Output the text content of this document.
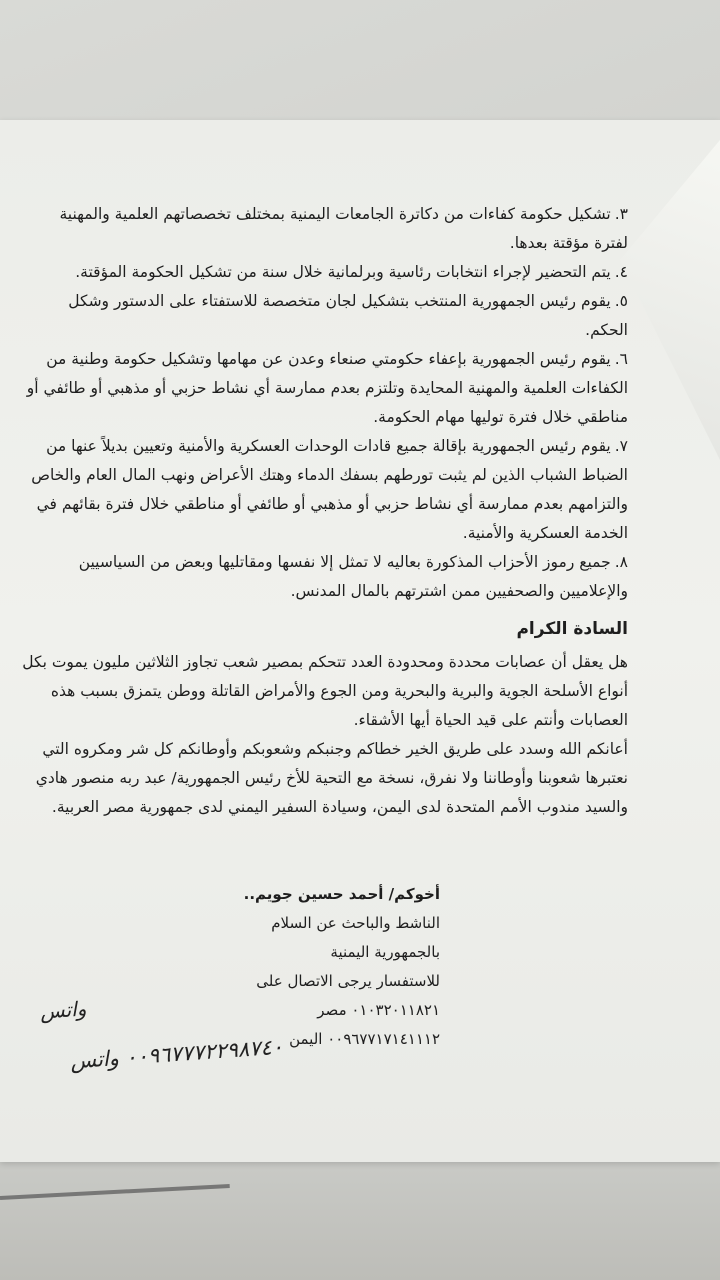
٣.تشكيل حكومة كفاءات من دكاترة الجامعات اليمنية بمختلف تخصصاتهم العلمية والمهنية لفترة مؤقتة بعدها.

٤.يتم التحضير لإجراء انتخابات رئاسية وبرلمانية خلال سنة من تشكيل الحكومة المؤقتة.

٥.يقوم رئيس الجمهورية المنتخب بتشكيل لجان متخصصة للاستفتاء على الدستور وشكل الحكم.

٦.يقوم رئيس الجمهورية بإعفاء حكومتي صنعاء وعدن عن مهامها وتشكيل حكومة وطنية من الكفاءات العلمية والمهنية المحايدة وتلتزم بعدم ممارسة أي نشاط حزبي أو مذهبي أو طائفي أو مناطقي خلال فترة توليها مهام الحكومة.

٧.يقوم رئيس الجمهورية بإقالة جميع قادات الوحدات العسكرية والأمنية وتعيين بديلاً عنها من الضباط الشباب الذين لم يثبت تورطهم بسفك الدماء وهتك الأعراض ونهب المال العام والخاص والتزامهم بعدم ممارسة أي نشاط حزبي أو مذهبي أو طائفي أو مناطقي خلال فترة بقائهم في الخدمة العسكرية والأمنية.

٨.جميع رموز الأحزاب المذكورة بعاليه لا تمثل إلا نفسها ومقاتليها وبعض من السياسيين والإعلاميين والصحفيين ممن اشترتهم بالمال المدنس.

السادة الكرام

هل يعقل أن عصابات محددة ومحدودة العدد تتحكم بمصير شعب تجاوز الثلاثين مليون يموت بكل أنواع الأسلحة الجوية والبرية والبحرية ومن الجوع والأمراض القاتلة ووطن يتمزق بسبب هذه العصابات وأنتم على قيد الحياة أيها الأشقاء.

أعانكم الله وسدد على طريق الخير خطاكم وجنبكم وشعوبكم وأوطانكم كل شر ومكروه التي نعتبرها شعوبنا وأوطاننا ولا نفرق، نسخة مع التحية للأخ رئيس الجمهورية/ عبد ربه منصور هادي والسيد مندوب الأمم المتحدة لدى اليمن، وسيادة السفير اليمني لدى جمهورية مصر العربية.

أخوكم/ أحمد حسين جويم..
الناشط والباحث عن السلام
بالجمهورية اليمنية
للاستفسار يرجى الاتصال على
٠١٠٣٢٠١١٨٢١ مصر
٠٠٩٦٧٧١٧١٤١١١٢ اليمن
واتس
٠٠٩٦٧٧٧٢٢٩٨٧٤٠ واتس
